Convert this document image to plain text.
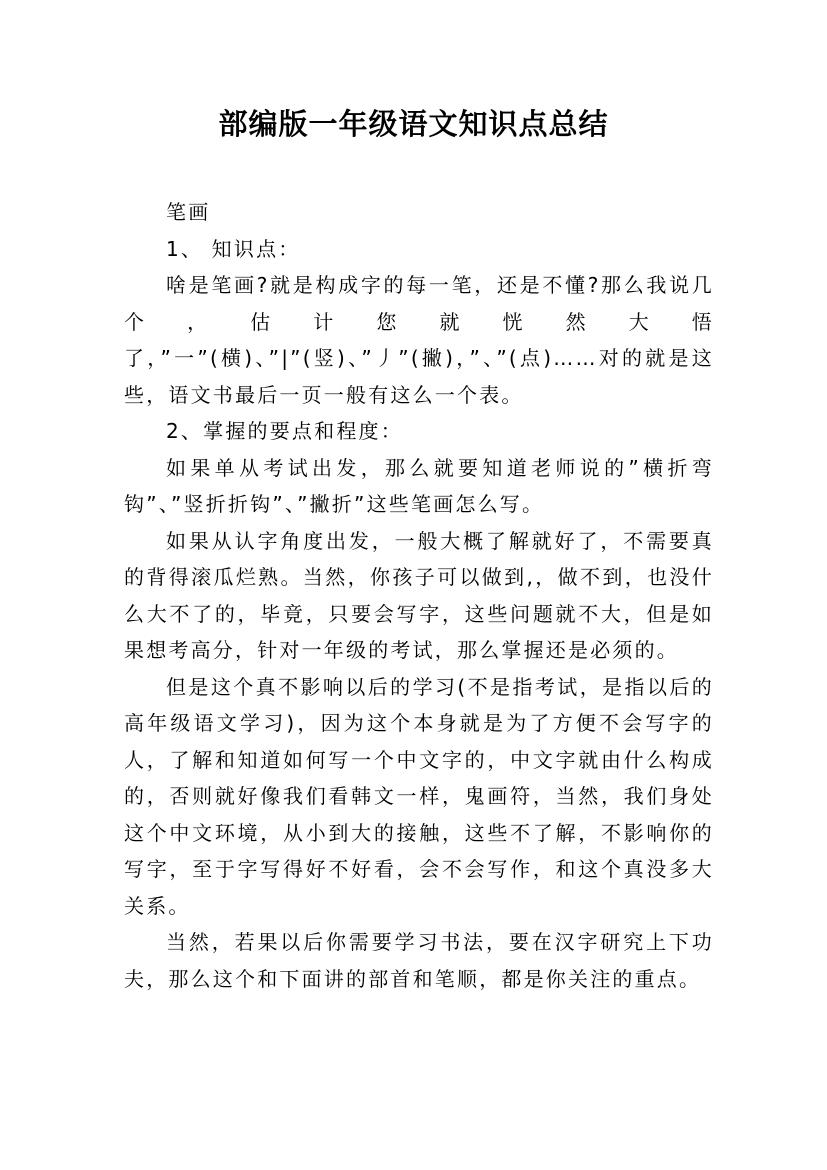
部编版一年级语文知识点总结

笔画

1、 知识点：

啥是笔画?就是构成字的每一笔，还是不懂?那么我说几个，估计您就恍然大悟了，”一”(横)、”|”(竖)、”丿”(撇)，”、”(点)……对的就是这些，语文书最后一页一般有这么一个表。

2、掌握的要点和程度：

如果单从考试出发，那么就要知道老师说的”横折弯钩”、”竖折折钩”、”撇折”这些笔画怎么写。

如果从认字角度出发，一般大概了解就好了，不需要真的背得滚瓜烂熟。当然，你孩子可以做到,，做不到，也没什么大不了的，毕竟，只要会写字，这些问题就不大，但是如果想考高分，针对一年级的考试，那么掌握还是必须的。

但是这个真不影响以后的学习(不是指考试，是指以后的高年级语文学习)，因为这个本身就是为了方便不会写字的人，了解和知道如何写一个中文字的，中文字就由什么构成的，否则就好像我们看韩文一样，鬼画符，当然，我们身处这个中文环境，从小到大的接触，这些不了解，不影响你的写字，至于字写得好不好看，会不会写作，和这个真没多大关系。

当然，若果以后你需要学习书法，要在汉字研究上下功夫，那么这个和下面讲的部首和笔顺，都是你关注的重点。
